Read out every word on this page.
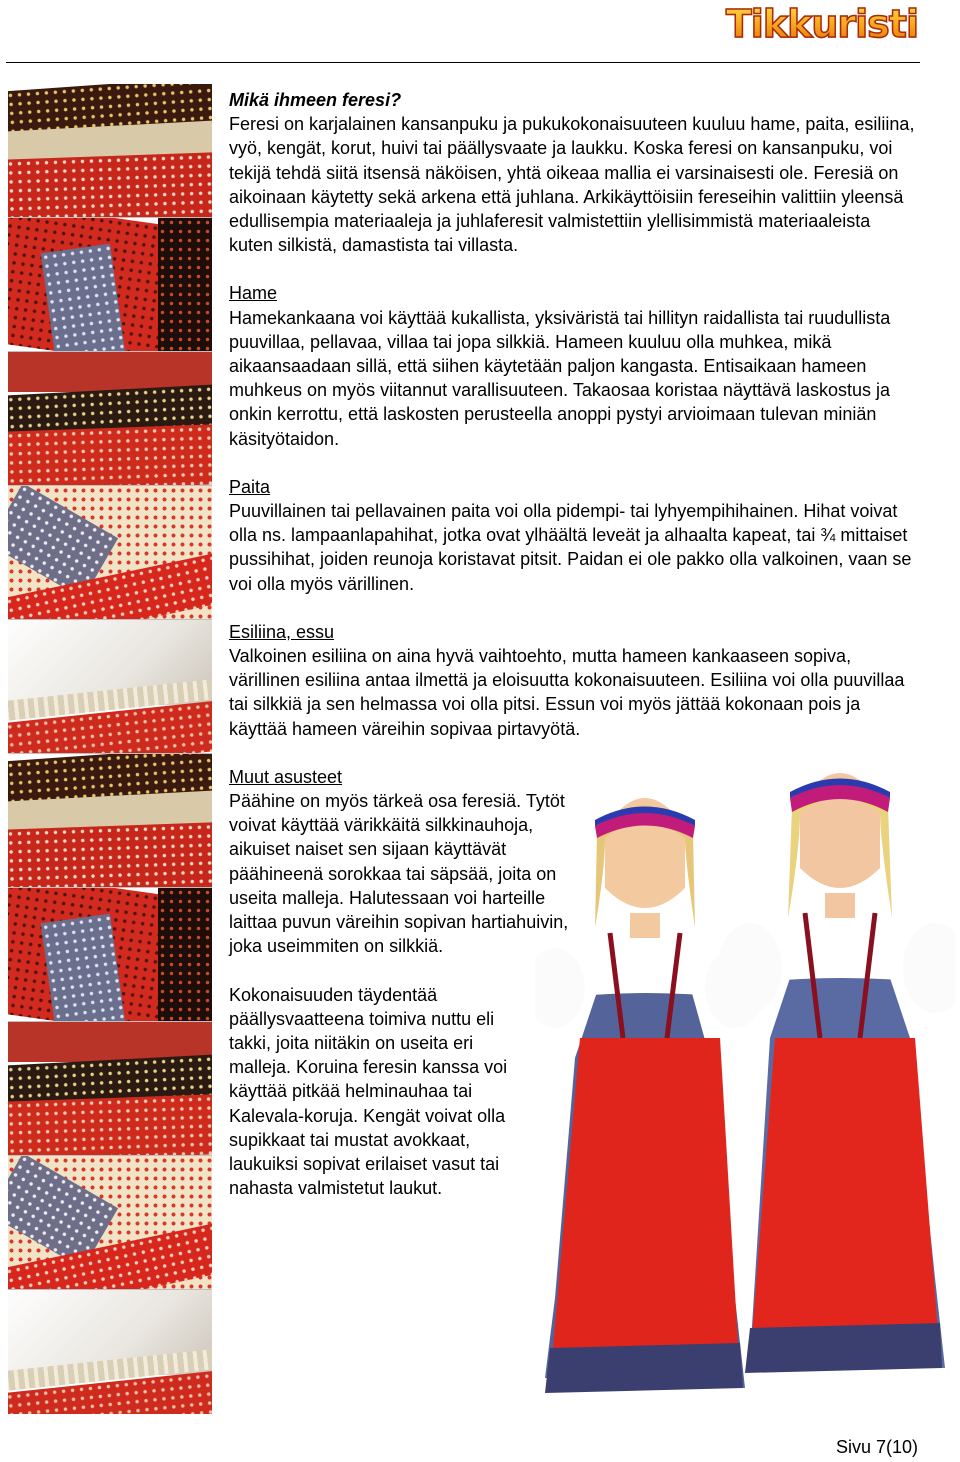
Tikkuristi

Mikä ihmeen feresi?

Feresi on karjalainen kansanpuku ja pukukokonaisuuteen kuuluu hame, paita, esiliina, vyö, kengät, korut, huivi tai päällysvaate ja laukku. Koska feresi on kansanpuku, voi tekijä tehdä siitä itsensä näköisen, yhtä oikeaa mallia ei varsinaisesti ole. Feresiä on aikoinaan käytetty sekä arkena että juhlana. Arkikäyttöisiin fereseihin valittiin yleensä edullisempia materiaaleja ja juhlaferesit valmistettiin ylellisimmistä materiaaleista kuten silkistä, damastista tai villasta.

Hame

Hamekankaana voi käyttää kukallista, yksiväristä tai hillityn raidallista tai ruudullista puuvillaa, pellavaa, villaa tai jopa silkkiä. Hameen kuuluu olla muhkea, mikä aikaansaadaan sillä, että siihen käytetään paljon kangasta. Entisaikaan hameen muhkeus on myös viitannut varallisuuteen. Takaosaa koristaa näyttävä laskostus ja onkin kerrottu, että laskosten perusteella anoppi pystyi arvioimaan tulevan miniän käsityötaidon.

Paita

Puuvillainen tai pellavainen paita voi olla pidempi- tai lyhyempihihainen. Hihat voivat olla ns. lampaanlapahihat, jotka ovat ylhäältä leveät ja alhaalta kapeat, tai ¾ mittaiset pussihihat, joiden reunoja koristavat pitsit. Paidan ei ole pakko olla valkoinen, vaan se voi olla myös värillinen.

Esiliina, essu

Valkoinen esiliina on aina hyvä vaihtoehto, mutta hameen kankaaseen sopiva, värillinen esiliina antaa ilmettä ja eloisuutta kokonaisuuteen. Esiliina voi olla puuvillaa tai silkkiä ja sen helmassa voi olla pitsi. Essun voi myös jättää kokonaan pois ja käyttää hameen väreihin sopivaa pirtavyötä.

Muut asusteet

Päähine on myös tärkeä osa feresiä. Tytöt voivat käyttää värikkäitä silkkinauhoja, aikuiset naiset sen sijaan käyttävät päähineenä sorokkaa tai säpsää, joita on useita malleja. Halutessaan voi harteille laittaa puvun väreihin sopivan hartiahuivin, joka useimmiten on silkkiä.

Kokonaisuuden täydentää päällysvaatteena toimiva nuttu eli takki, joita niitäkin on useita eri malleja. Koruina feresin kanssa voi käyttää pitkää helminauhaa tai Kalevala-koruja. Kengät voivat olla supikkaat tai mustat avokkaat, laukuiksi sopivat erilaiset vasut tai nahasta valmistetut laukut.

Sivu 7(10)
